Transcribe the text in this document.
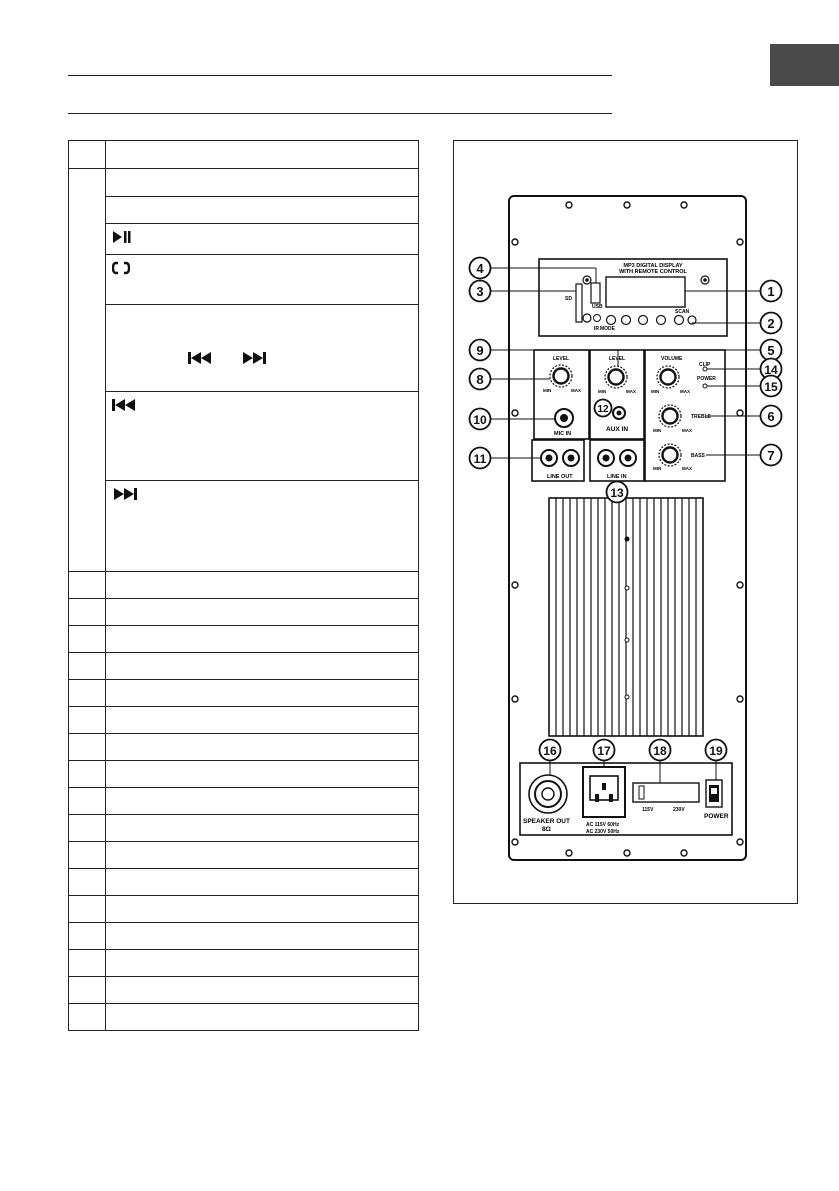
MP3 DIGITAL DISPLAY
WITH REMOTE CONTROL
SD
USB
IR MODE
SCAN
LEVEL	LEVEL	VOLUME
CLIP
POWER
TREBLE
BASS
MIN	MAX	MIN	MAX	MIN	MAX
MIN	MAX
MIN	MAX
MIC IN
AUX IN
LINE OUT	LINE IN
SPEAKER OUT
8Ω
AC 115V 60Hz
AC 230V 50Hz
115V	230V
POWER
1
2
3
4
5
6
7
8
9
10
11
12
13
14
15
16	17	18	19
